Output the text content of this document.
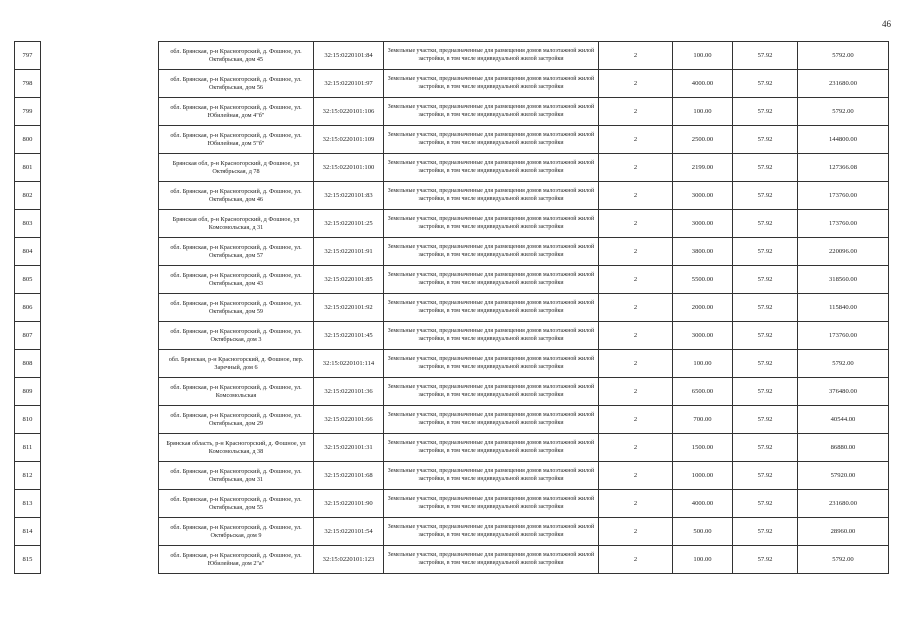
46
797		обл. Брянская, р-н Красногорский, д. Фошное, ул. Октябрьская, дом 45	32:15:0220101:84	Земельные участки, предназначенные для размещения домов малоэтажной жилой застройки, в том числе индивидуальной жилой застройки	2	100.00	57.92	5792.00
798		обл. Брянская, р-н Красногорский, д. Фошное, ул. Октябрьская, дом 56	32:15:0220101:97	Земельные участки, предназначенные для размещения домов малоэтажной жилой застройки, в том числе индивидуальной жилой застройки	2	4000.00	57.92	231680.00
799		обл. Брянская, р-н Красногорский, д. Фошное, ул. Юбилейная, дом 4"б"	32:15:0220101:106	Земельные участки, предназначенные для размещения домов малоэтажной жилой застройки, в том числе индивидуальной жилой застройки	2	100.00	57.92	5792.00
800		обл. Брянская, р-н Красногорский, д. Фошное, ул. Юбилейная, дом 5"б"	32:15:0220101:109	Земельные участки, предназначенные для размещения домов малоэтажной жилой застройки, в том числе индивидуальной жилой застройки	2	2500.00	57.92	144800.00
801		Брянская обл, р-н Красногорский, д Фошное, ул Октябрьская, д 78	32:15:0220101:100	Земельные участки, предназначенные для размещения домов малоэтажной жилой застройки, в том числе индивидуальной жилой застройки	2	2199.00	57.92	127366.08
802		обл. Брянская, р-н Красногорский, д. Фошное, ул. Октябрьская, дом 46	32:15:0220101:83	Земельные участки, предназначенные для размещения домов малоэтажной жилой застройки, в том числе индивидуальной жилой застройки	2	3000.00	57.92	173760.00
803		Брянская обл, р-н Красногорский, д Фошное, ул Комсомольская, д 31	32:15:0220101:25	Земельные участки, предназначенные для размещения домов малоэтажной жилой застройки, в том числе индивидуальной жилой застройки	2	3000.00	57.92	173760.00
804		обл. Брянская, р-н Красногорский, д. Фошное, ул. Октябрьская, дом 57	32:15:0220101:91	Земельные участки, предназначенные для размещения домов малоэтажной жилой застройки, в том числе индивидуальной жилой застройки	2	3800.00	57.92	220096.00
805		обл. Брянская, р-н Красногорский, д. Фошное, ул. Октябрьская, дом 43	32:15:0220101:85	Земельные участки, предназначенные для размещения домов малоэтажной жилой застройки, в том числе индивидуальной жилой застройки	2	5500.00	57.92	318560.00
806		обл. Брянская, р-н Красногорский, д. Фошное, ул. Октябрьская, дом 59	32:15:0220101:92	Земельные участки, предназначенные для размещения домов малоэтажной жилой застройки, в том числе индивидуальной жилой застройки	2	2000.00	57.92	115840.00
807		обл. Брянская, р-н Красногорский, д. Фошное, ул. Октябрьская, дом 3	32:15:0220101:45	Земельные участки, предназначенные для размещения домов малоэтажной жилой застройки, в том числе индивидуальной жилой застройки	2	3000.00	57.92	173760.00
808		обл. Брянская, р-н Красногорский, д. Фошное, пер. Заречный, дом 6	32:15:0220101:114	Земельные участки, предназначенные для размещения домов малоэтажной жилой застройки, в том числе индивидуальной жилой застройки	2	100.00	57.92	5792.00
809		обл. Брянская, р-н Красногорский, д. Фошное, ул. Комсомольская	32:15:0220101:36	Земельные участки, предназначенные для размещения домов малоэтажной жилой застройки, в том числе индивидуальной жилой застройки	2	6500.00	57.92	376480.00
810		обл. Брянская, р-н Красногорский, д. Фошное, ул. Октябрьская, дом 29	32:15:0220101:66	Земельные участки, предназначенные для размещения домов малоэтажной жилой застройки, в том числе индивидуальной жилой застройки	2	700.00	57.92	40544.00
811		Брянская область, р-н Красногорский, д. Фошное, ул Комсомольская, д 38	32:15:0220101:31	Земельные участки, предназначенные для размещения домов малоэтажной жилой застройки, в том числе индивидуальной жилой застройки	2	1500.00	57.92	86880.00
812		обл. Брянская, р-н Красногорский, д. Фошное, ул. Октябрьская, дом 31	32:15:0220101:68	Земельные участки, предназначенные для размещения домов малоэтажной жилой застройки, в том числе индивидуальной жилой застройки	2	1000.00	57.92	57920.00
813		обл. Брянская, р-н Красногорский, д. Фошное, ул. Октябрьская, дом 55	32:15:0220101:90	Земельные участки, предназначенные для размещения домов малоэтажной жилой застройки, в том числе индивидуальной жилой застройки	2	4000.00	57.92	231680.00
814		обл. Брянская, р-н Красногорский, д. Фошное, ул. Октябрьская, дом 9	32:15:0220101:54	Земельные участки, предназначенные для размещения домов малоэтажной жилой застройки, в том числе индивидуальной жилой застройки	2	500.00	57.92	28960.00
815		обл. Брянская, р-н Красногорский, д. Фошное, ул. Юбилейная, дом 2"а"	32:15:0220101:123	Земельные участки, предназначенные для размещения домов малоэтажной жилой застройки, в том числе индивидуальной жилой застройки	2	100.00	57.92	5792.00
